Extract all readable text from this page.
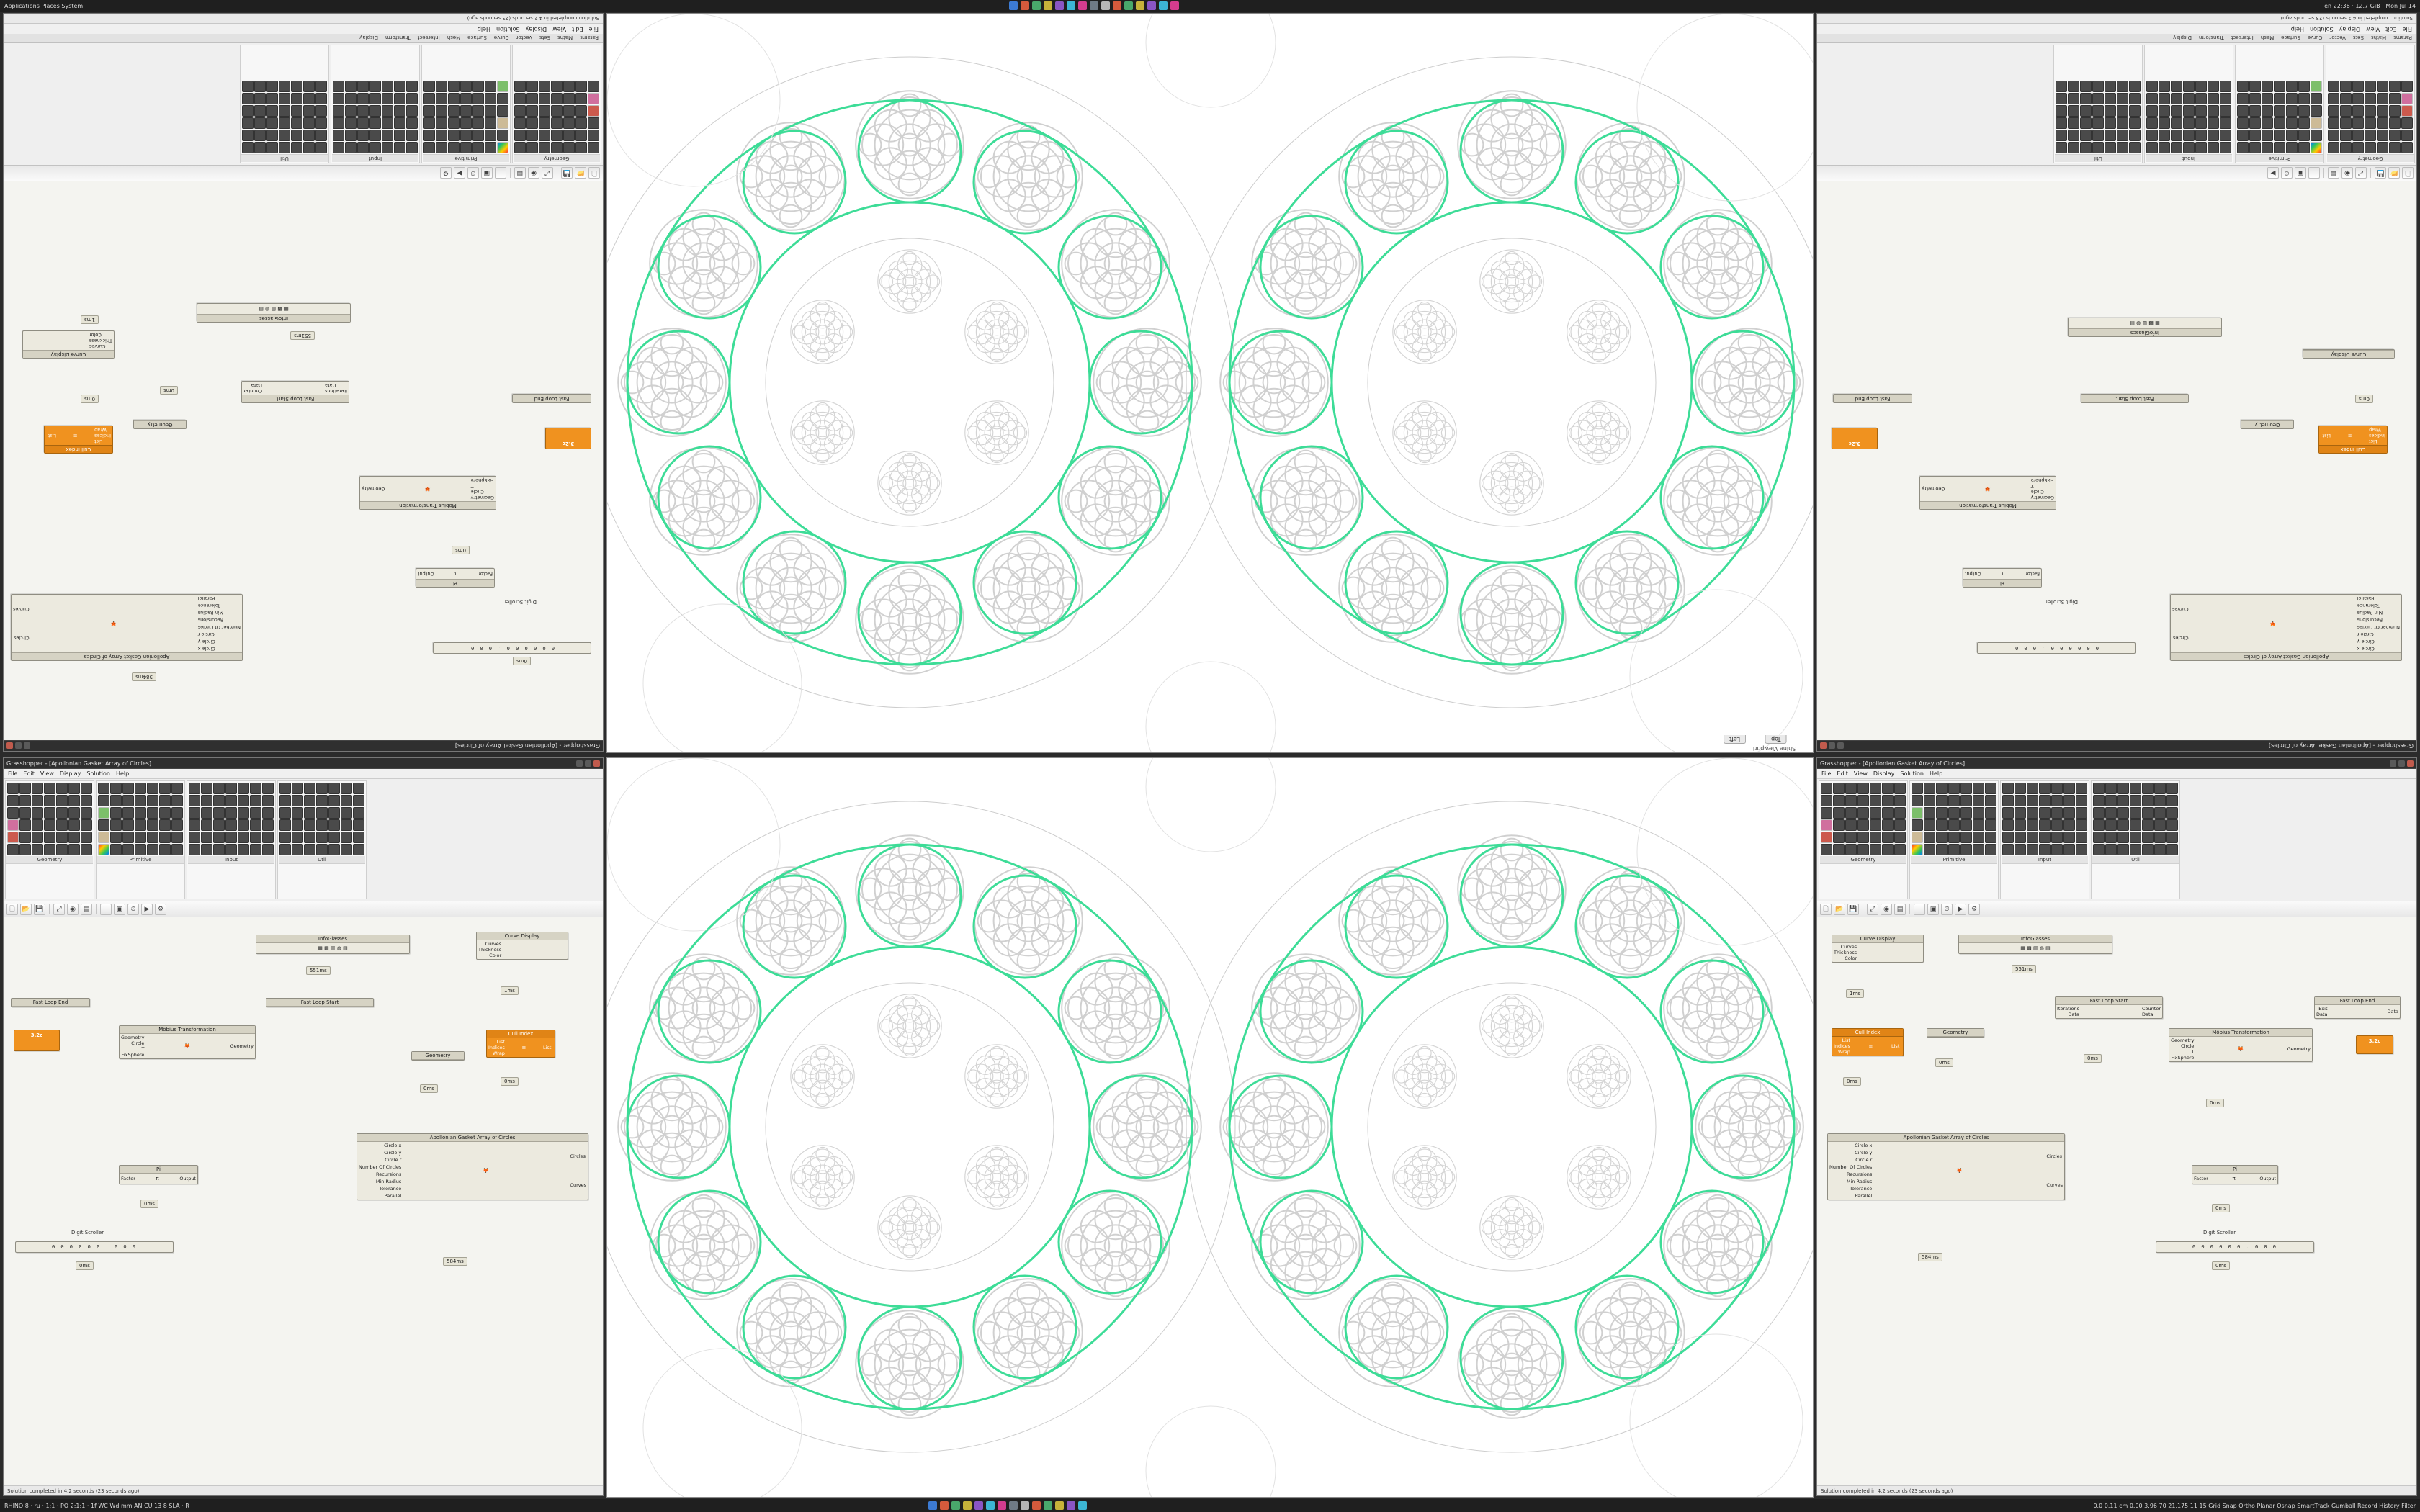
Applications Places System	en 22:36 · 12.7 GiB · Mon Jul 14
Grasshopper - [Apollonian Gasket Array of Circles]
0 0 0 0 0 0 . 0 0 0
0ms
Digit Scroller
Pi
Factor
π
Output
0ms
Möbius Transformation
Geometry
Circle
T
FixSphere
🦊
Geometry
3.2c
Fast Loop Start
Iterations
Data
Counter
Data
Fast Loop End
Cull Index
List
Indices
Wrap
≡
List
0ms
Geometry
0ms
Apollonian Gasket Array of Circles
Circle x
Circle y
Circle r
Number Of Circles
Recursions
Min Radius
Tolerance
Parallel
🦊
Circles
Curves
584ms
Curve Display
Curves
Thickness
Color
1ms	InfoGlasses
▦ ▩ ▥ ◍ ▤
551ms
🗋
📂
💾
⤢
◉
▤
▣
⏱
▶
⚙
Geometry
Primitive
Input
Util
Params
Maths
Sets
Vector
Curve
Surface
Mesh
Intersect
Transform
Display
File
Edit
View
Display
Solution
Help
Solution completed in 4.2 seconds (23 seconds ago)
Grasshopper - [Apollonian Gasket Array of Circles]
File Edit View Display Solution Help
Geometry	Primitive	Input	Util
🗋	📂 💾	⤢	◉	▤	▣	⏱	▶	⚙
InfoGlasses
▦ ▩ ▥ ◍ ▤
551ms
Curve Display
Curves
Thickness
Color
1ms
Fast Loop End	Fast Loop Start
Möbius Transformation
Geometry
Circle
T
FixSphere
🦊	Geometry
3.2c	Cull Index
List
Indices
Wrap
≡	List
0ms
Geometry
0ms
Apollonian Gasket Array of Circles
Circle x
Circle y
Circle r
Number Of Circles
Recursions
Min Radius
Tolerance
Parallel
🦊
Circles
Curves
584ms
Pi
Factor	π	Output
0ms
Digit Scroller
0 0 0 0 0 0 . 0 0 0
0ms
Solution completed in 4.2 seconds (23 seconds ago)
Grasshopper - [Apollonian Gasket Array of Circles]
0 0 0 0 0 0 . 0 0 0
Digit Scroller
Pi
Factor
π
Output
Möbius Transformation
Geometry
Circle
T
FixSphere
🦊
Geometry
3.2c
Fast Loop End	Fast Loop Start
Cull Index
List
Indices
Wrap
≡
List
0ms
Geometry
Apollonian Gasket Array of Circles
Circle x
Circle y
Circle r
Number Of Circles
Recursions
Min Radius
Tolerance
Parallel
🦊
Circles
Curves
Curve Display
InfoGlasses
▦ ▩ ▥ ◍ ▤
🗋
📂
💾
⤢
◉
▤
▣
⏱
▶
Geometry
Primitive
Input
Util
Params
Maths
Sets
Vector
Curve
Surface
Mesh
Intersect
Transform
Display
File
Edit
View
Display
Solution
Help
Solution completed in 4.2 seconds (23 seconds ago)
Grasshopper - [Apollonian Gasket Array of Circles]
File Edit View Display Solution Help
Geometry	Primitive	Input	Util
🗋	📂 💾	⤢	◉	▤	▣	⏱	▶	⚙
Curve Display
Curves
Thickness
Color
1ms
InfoGlasses
▦ ▩ ▥ ◍ ▤
551ms
Fast Loop Start
Iterations
Data
Counter
Data
0ms
Fast Loop End
Exit
Data	Data
3.2c
Cull Index
List
Indices
Wrap
≡	List
0ms
Geometry
0ms
Möbius Transformation
Geometry
Circle
T
FixSphere
🦊	Geometry
0ms
Apollonian Gasket Array of Circles
Circle x
Circle y
Circle r
Number Of Circles
Recursions
Min Radius
Tolerance
Parallel
🦊
Circles
Curves
584ms
Pi
Factor	π	Output
0ms
Digit Scroller
0 0 0 0 0 0 . 0 0 0
0ms
Solution completed in 4.2 seconds (23 seconds ago)
Top
Left
Shine Viewport
RHINO 8 · ru · 1:1 · PO 2:1:1 · 1f WC Wd mm AN CU 13 8 SLA · R	0.0 0.11 cm 0.00 3.96 70 21.175 11 15 Grid Snap Ortho Planar Osnap SmartTrack Gumball Record History Filter
